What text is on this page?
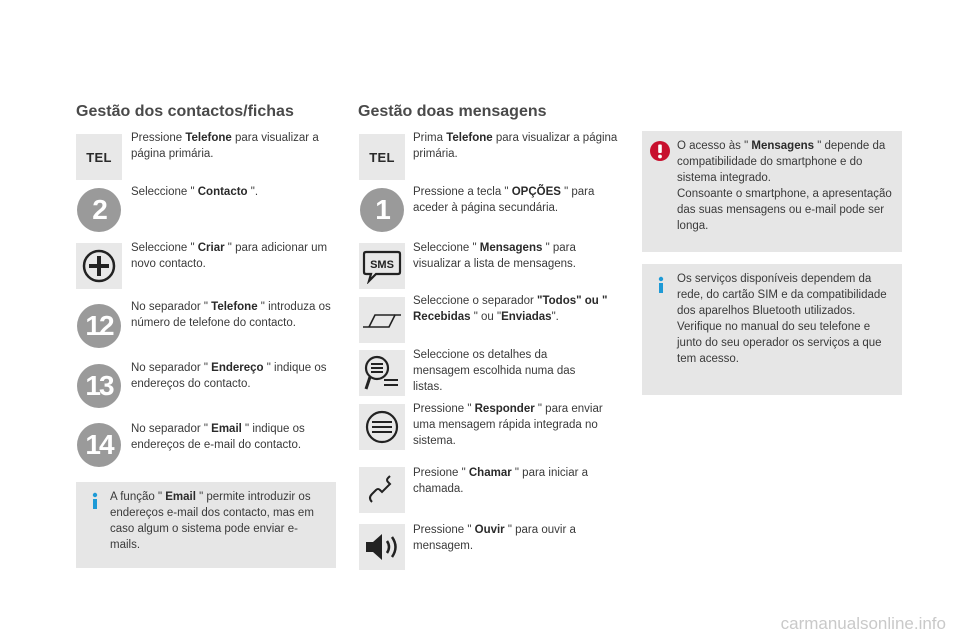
Gestão dos contactos/fichas
TEL
Pressione Telefone para visualizar a página primária.
2
Seleccione " Contacto ".
Seleccione " Criar " para adicionar um novo contacto.
12
No separador " Telefone " introduza os número de telefone do contacto.
13
No separador " Endereço " indique os endereços do contacto.
14 No separador " Email " indique os endereços de e-mail do contacto.
A função " Email " permite introduzir os endereços e-mail dos contacto, mas em caso algum o sistema pode enviar e-mails.
Gestão doas mensagens
TEL
Prima Telefone para visualizar a página primária.
1
Pressione a tecla " OPÇÕES " para aceder à página secundária.
SMS
Seleccione " Mensagens " para visualizar a lista de mensagens.
Seleccione o separador "Todos" ou " Recebidas " ou "Enviadas".
Seleccione os detalhes da mensagem escolhida numa das listas.
Pressione " Responder " para enviar uma mensagem rápida integrada no sistema.
Presione " Chamar " para iniciar a chamada.
Pressione " Ouvir " para ouvir a mensagem.
O acesso às " Mensagens " depende da compatibilidade do smartphone e do sistema integrado.
Consoante o smartphone, a apresentação das suas mensagens ou e-mail pode ser longa.
Os serviços disponíveis dependem da rede, do cartão SIM e da compatibilidade dos aparelhos Bluetooth utilizados.
Verifique no manual do seu telefone e junto do seu operador os serviços a que tem acesso.
carmanualsonline.info
